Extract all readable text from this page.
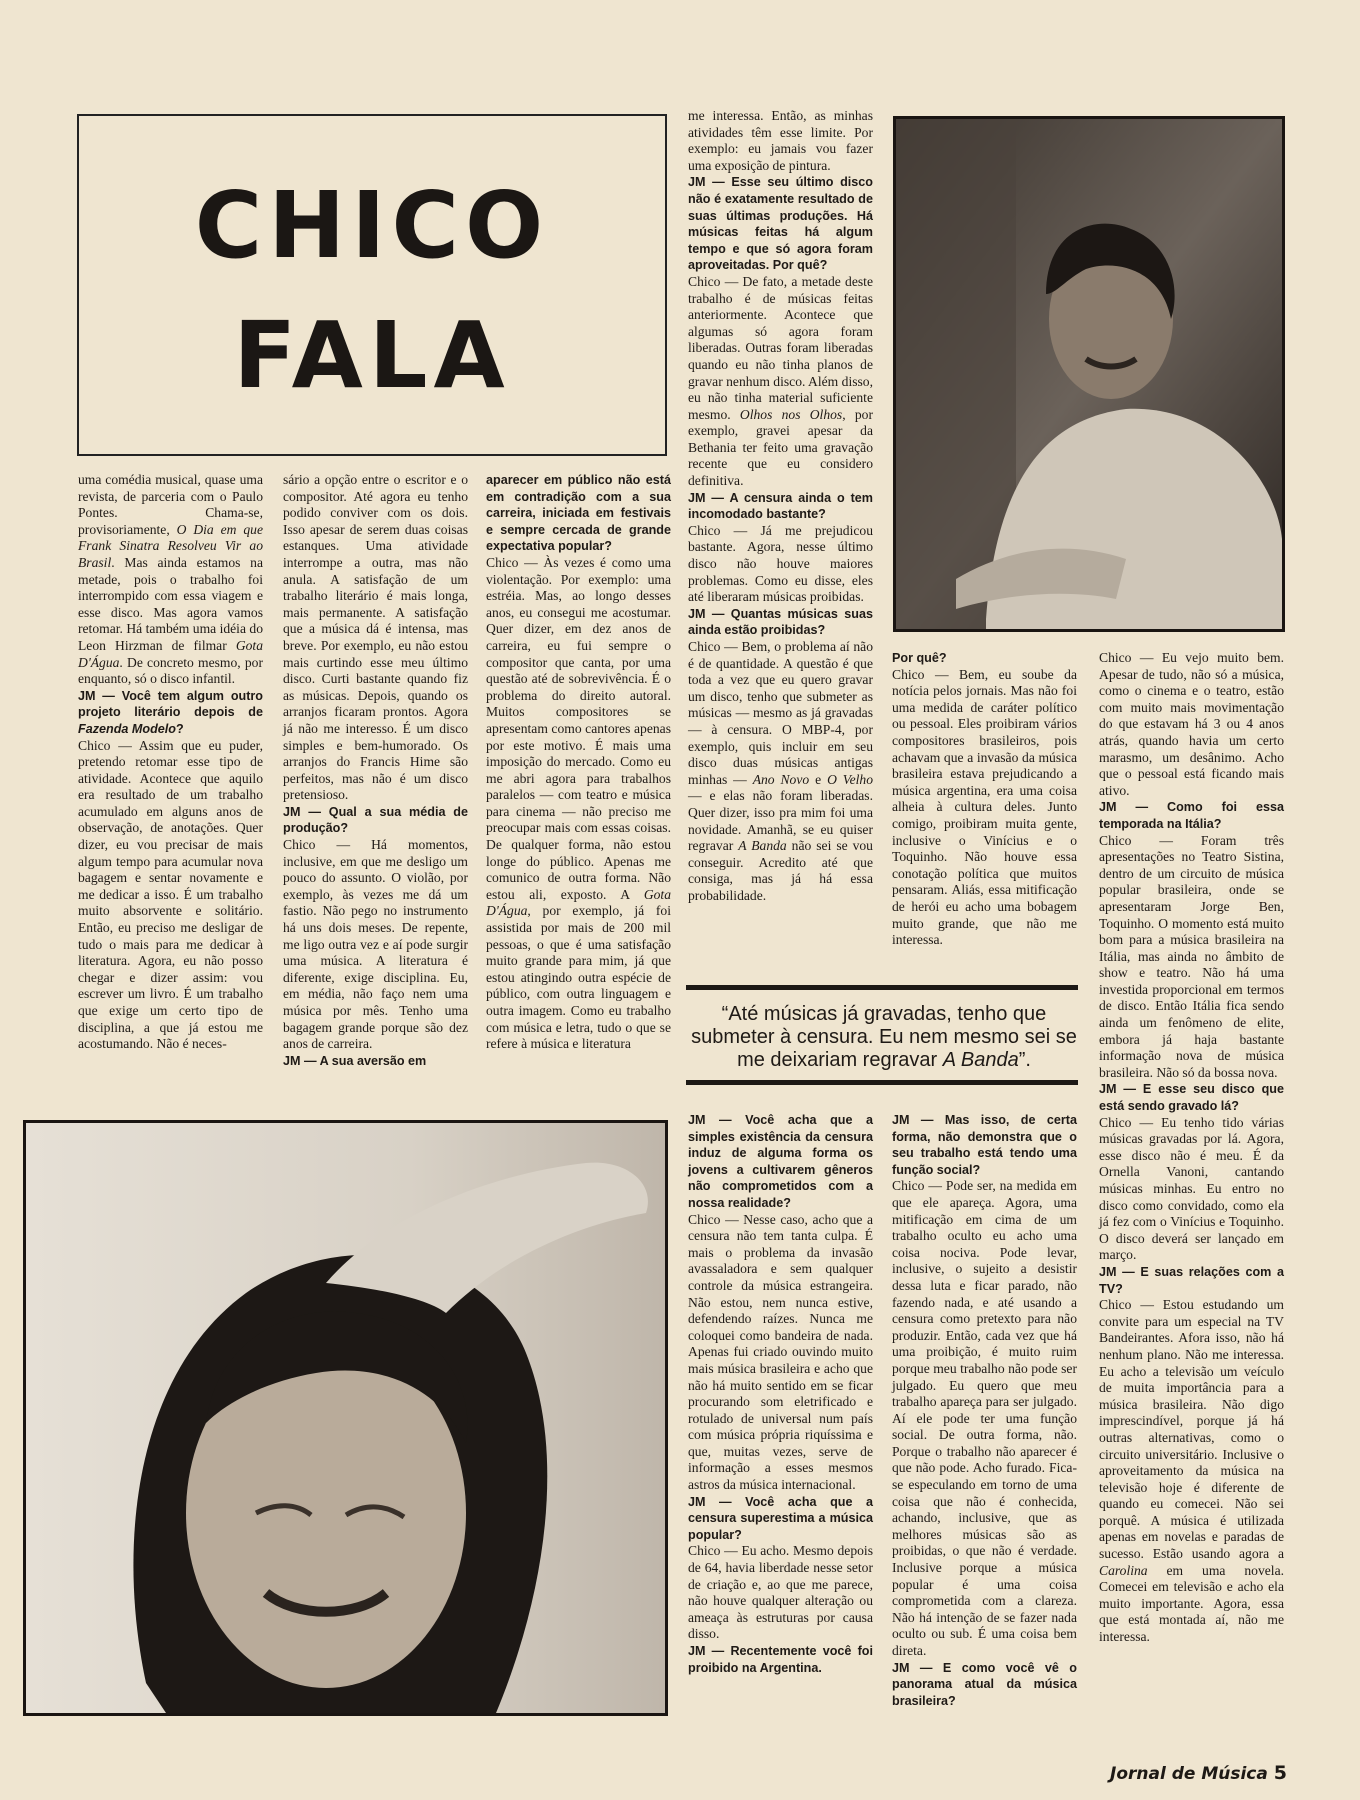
CHICO
FALA

uma comédia musical, quase uma revista, de parceria com o Paulo Pontes. Chama-se, provisoriamente, O Dia em que Frank Sinatra Resolveu Vir ao Brasil. Mas ainda estamos na metade, pois o trabalho foi interrompido com essa viagem e esse disco. Mas agora vamos retomar. Há também uma idéia do Leon Hirzman de filmar Gota D'Água. De concreto mesmo, por enquanto, só o disco infantil.
JM — Você tem algum outro projeto literário depois de Fazenda Modelo?
Chico — Assim que eu puder, pretendo retomar esse tipo de atividade. Acontece que aquilo era resultado de um trabalho acumulado em alguns anos de observação, de anotações. Quer dizer, eu vou precisar de mais algum tempo para acumular nova bagagem e sentar novamente e me dedicar a isso. É um trabalho muito absorvente e solitário. Então, eu preciso me desligar de tudo o mais para me dedicar à literatura. Agora, eu não posso chegar e dizer assim: vou escrever um livro. É um trabalho que exige um certo tipo de disciplina, a que já estou me acostumando. Não é neces-

sário a opção entre o escritor e o compositor. Até agora eu tenho podido conviver com os dois. Isso apesar de serem duas coisas estanques. Uma atividade interrompe a outra, mas não anula. A satisfação de um trabalho literário é mais longa, mais permanente. A satisfação que a música dá é intensa, mas breve. Por exemplo, eu não estou mais curtindo esse meu último disco. Curti bastante quando fiz as músicas. Depois, quando os arranjos ficaram prontos. Agora já não me interesso. É um disco simples e bem-humorado. Os arranjos do Francis Hime são perfeitos, mas não é um disco pretensioso.
JM — Qual a sua média de produção?
Chico — Há momentos, inclusive, em que me desligo um pouco do assunto. O violão, por exemplo, às vezes me dá um fastio. Não pego no instrumento há uns dois meses. De repente, me ligo outra vez e aí pode surgir uma música. A literatura é diferente, exige disciplina. Eu, em média, não faço nem uma música por mês. Tenho uma bagagem grande porque são dez anos de carreira.
JM — A sua aversão em

aparecer em público não está em contradição com a sua carreira, iniciada em festivais e sempre cercada de grande expectativa popular?
Chico — Às vezes é como uma violentação. Por exemplo: uma estréia. Mas, ao longo desses anos, eu consegui me acostumar. Quer dizer, em dez anos de carreira, eu fui sempre o compositor que canta, por uma questão até de sobrevivência. É o problema do direito autoral. Muitos compositores se apresentam como cantores apenas por este motivo. É mais uma imposição do mercado. Como eu me abri agora para trabalhos paralelos — com teatro e música para cinema — não preciso me preocupar mais com essas coisas. De qualquer forma, não estou longe do público. Apenas me comunico de outra forma. Não estou ali, exposto. A Gota D'Água, por exemplo, já foi assistida por mais de 200 mil pessoas, o que é uma satisfação muito grande para mim, já que estou atingindo outra espécie de público, com outra linguagem e outra imagem. Como eu trabalho com música e letra, tudo o que se refere à música e literatura

me interessa. Então, as minhas atividades têm esse limite. Por exemplo: eu jamais vou fazer uma exposição de pintura.
JM — Esse seu último disco não é exatamente resultado de suas últimas produções. Há músicas feitas há algum tempo e que só agora foram aproveitadas. Por quê?
Chico — De fato, a metade deste trabalho é de músicas feitas anteriormente. Acontece que algumas só agora foram liberadas. Outras foram liberadas quando eu não tinha planos de gravar nenhum disco. Além disso, eu não tinha material suficiente mesmo. Olhos nos Olhos, por exemplo, gravei apesar da Bethania ter feito uma gravação recente que eu considero definitiva.
JM — A censura ainda o tem incomodado bastante?
Chico — Já me prejudicou bastante. Agora, nesse último disco não houve maiores problemas. Como eu disse, eles até liberaram músicas proibidas.
JM — Quantas músicas suas ainda estão proibidas?
Chico — Bem, o problema aí não é de quantidade. A questão é que toda a vez que eu quero gravar um disco, tenho que submeter as músicas — mesmo as já gravadas — à censura. O MBP-4, por exemplo, quis incluir em seu disco duas músicas antigas minhas — Ano Novo e O Velho — e elas não foram liberadas. Quer dizer, isso pra mim foi uma novidade. Amanhã, se eu quiser regravar A Banda não sei se vou conseguir. Acredito até que consiga, mas já há essa probabilidade.

Por quê?
Chico — Bem, eu soube da notícia pelos jornais. Mas não foi uma medida de caráter político ou pessoal. Eles proibiram vários compositores brasileiros, pois achavam que a invasão da música brasileira estava prejudicando a música argentina, era uma coisa alheia à cultura deles. Junto comigo, proibiram muita gente, inclusive o Vinícius e o Toquinho. Não houve essa conotação política que muitos pensaram. Aliás, essa mitificação de herói eu acho uma bobagem muito grande, que não me interessa.

Chico — Eu vejo muito bem. Apesar de tudo, não só a música, como o cinema e o teatro, estão com muito mais movimentação do que estavam há 3 ou 4 anos atrás, quando havia um certo marasmo, um desânimo. Acho que o pessoal está ficando mais ativo.
JM — Como foi essa temporada na Itália?
Chico — Foram três apresentações no Teatro Sistina, dentro de um circuito de música popular brasileira, onde se apresentaram Jorge Ben, Toquinho. O momento está muito bom para a música brasileira na Itália, mas ainda no âmbito de show e teatro. Não há uma investida proporcional em termos de disco. Então Itália fica sendo ainda um fenômeno de elite, embora já haja bastante informação nova de música brasileira. Não só da bossa nova.
JM — E esse seu disco que está sendo gravado lá?
Chico — Eu tenho tido várias músicas gravadas por lá. Agora, esse disco não é meu. É da Ornella Vanoni, cantando músicas minhas. Eu entro no disco como convidado, como ela já fez com o Vinícius e Toquinho. O disco deverá ser lançado em março.
JM — E suas relações com a TV?
Chico — Estou estudando um convite para um especial na TV Bandeirantes. Afora isso, não há nenhum plano. Não me interessa. Eu acho a televisão um veículo de muita importância para a música brasileira. Não digo imprescindível, porque já há outras alternativas, como o circuito universitário. Inclusive o aproveitamento da música na televisão hoje é diferente de quando eu comecei. Não sei porquê. A música é utilizada apenas em novelas e paradas de sucesso. Estão usando agora a Carolina em uma novela. Comecei em televisão e acho ela muito importante. Agora, essa que está montada aí, não me interessa.

“Até músicas já gravadas, tenho que submeter à censura. Eu nem mesmo sei se me deixariam regravar A Banda”.

JM — Você acha que a simples existência da censura induz de alguma forma os jovens a cultivarem gêneros não comprometidos com a nossa realidade?
Chico — Nesse caso, acho que a censura não tem tanta culpa. É mais o problema da invasão avassaladora e sem qualquer controle da música estrangeira. Não estou, nem nunca estive, defendendo raízes. Nunca me coloquei como bandeira de nada. Apenas fui criado ouvindo muito mais música brasileira e acho que não há muito sentido em se ficar procurando som eletrificado e rotulado de universal num país com música própria riquíssima e que, muitas vezes, serve de informação a esses mesmos astros da música internacional.
JM — Você acha que a censura superestima a música popular?
Chico — Eu acho. Mesmo depois de 64, havia liberdade nesse setor de criação e, ao que me parece, não houve qualquer alteração ou ameaça às estruturas por causa disso.
JM — Recentemente você foi proibido na Argentina.

JM — Mas isso, de certa forma, não demonstra que o seu trabalho está tendo uma função social?
Chico — Pode ser, na medida em que ele apareça. Agora, uma mitificação em cima de um trabalho oculto eu acho uma coisa nociva. Pode levar, inclusive, o sujeito a desistir dessa luta e ficar parado, não fazendo nada, e até usando a censura como pretexto para não produzir. Então, cada vez que há uma proibição, é muito ruim porque meu trabalho não pode ser julgado. Eu quero que meu trabalho apareça para ser julgado. Aí ele pode ter uma função social. De outra forma, não. Porque o trabalho não aparecer é que não pode. Acho furado. Fica-se especulando em torno de uma coisa que não é conhecida, achando, inclusive, que as melhores músicas são as proibidas, o que não é verdade. Inclusive porque a música popular é uma coisa comprometida com a clareza. Não há intenção de se fazer nada oculto ou sub. É uma coisa bem direta.
JM — E como você vê o panorama atual da música brasileira?

Jornal de Música 5
